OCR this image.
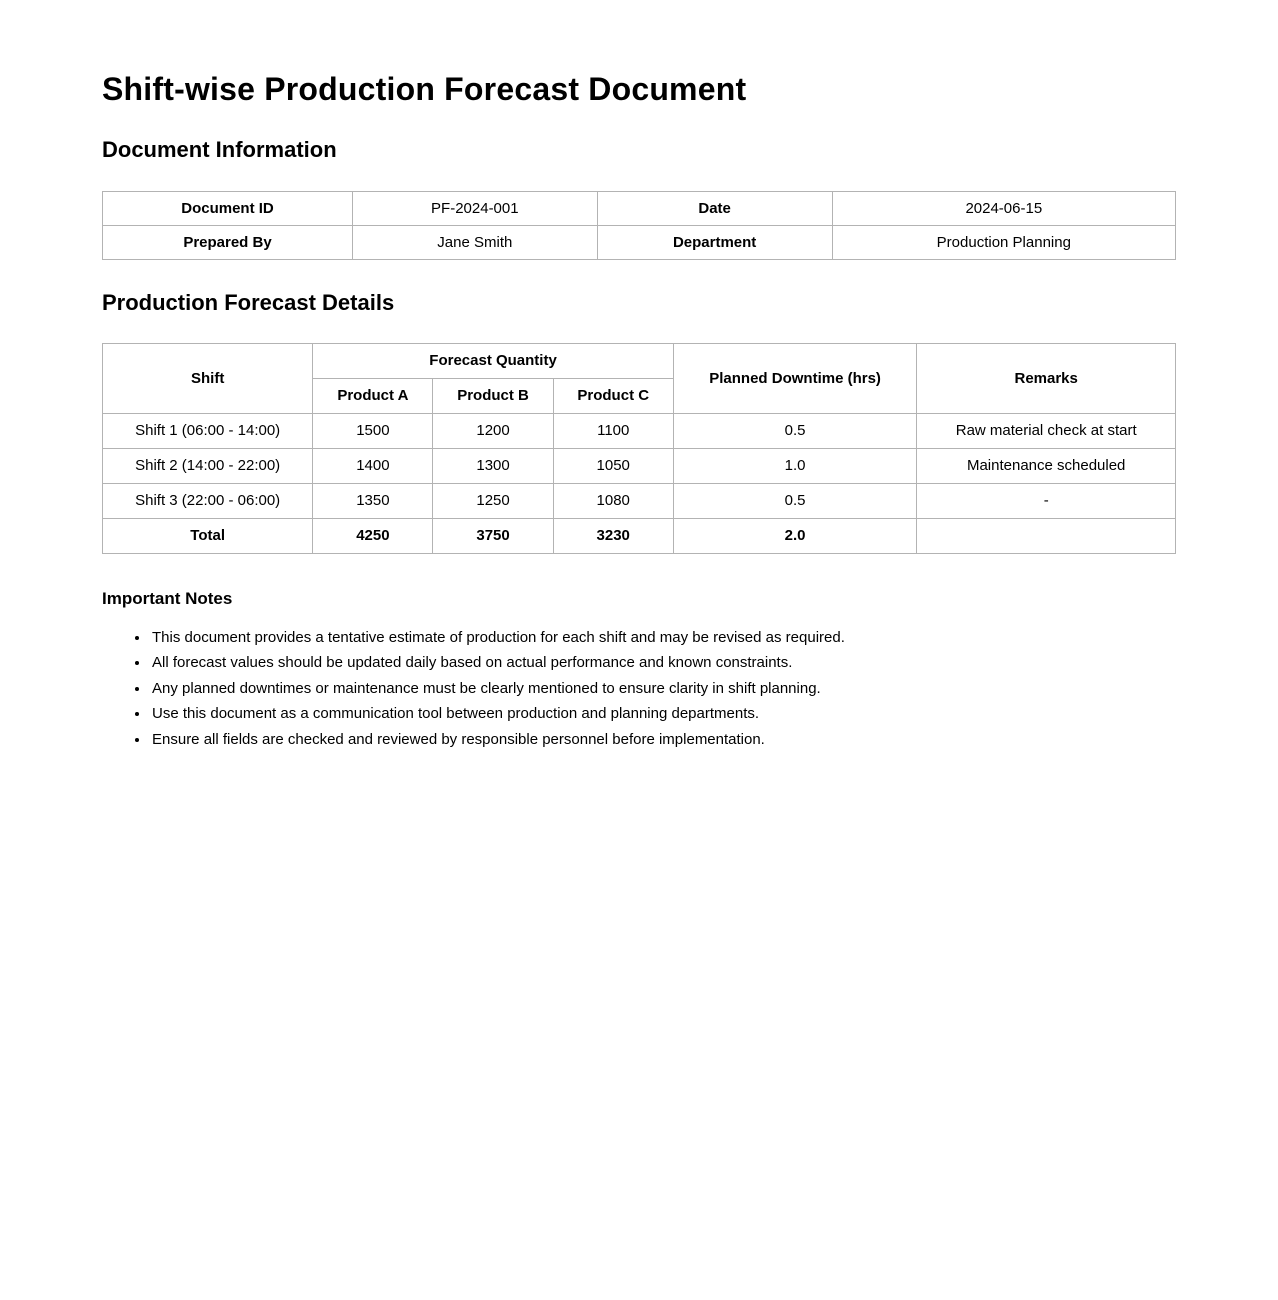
Shift-wise Production Forecast Document
Document Information
Document ID	PF-2024-001	Date	2024-06-15
Prepared By	Jane Smith	Department	Production Planning
Production Forecast Details
Shift	Forecast Quantity			Planned Downtime (hrs)	Remarks
	Product A	Product B	Product C		
Shift 1 (06:00 - 14:00)	1500	1200	1100	0.5	Raw material check at start
Shift 2 (14:00 - 22:00)	1400	1300	1050	1.0	Maintenance scheduled
Shift 3 (22:00 - 06:00)	1350	1250	1080	0.5	-
Total	4250	3750	3230	2.0	
Important Notes
• This document provides a tentative estimate of production for each shift and may be revised as required.
• All forecast values should be updated daily based on actual performance and known constraints.
• Any planned downtimes or maintenance must be clearly mentioned to ensure clarity in shift planning.
• Use this document as a communication tool between production and planning departments.
• Ensure all fields are checked and reviewed by responsible personnel before implementation.
